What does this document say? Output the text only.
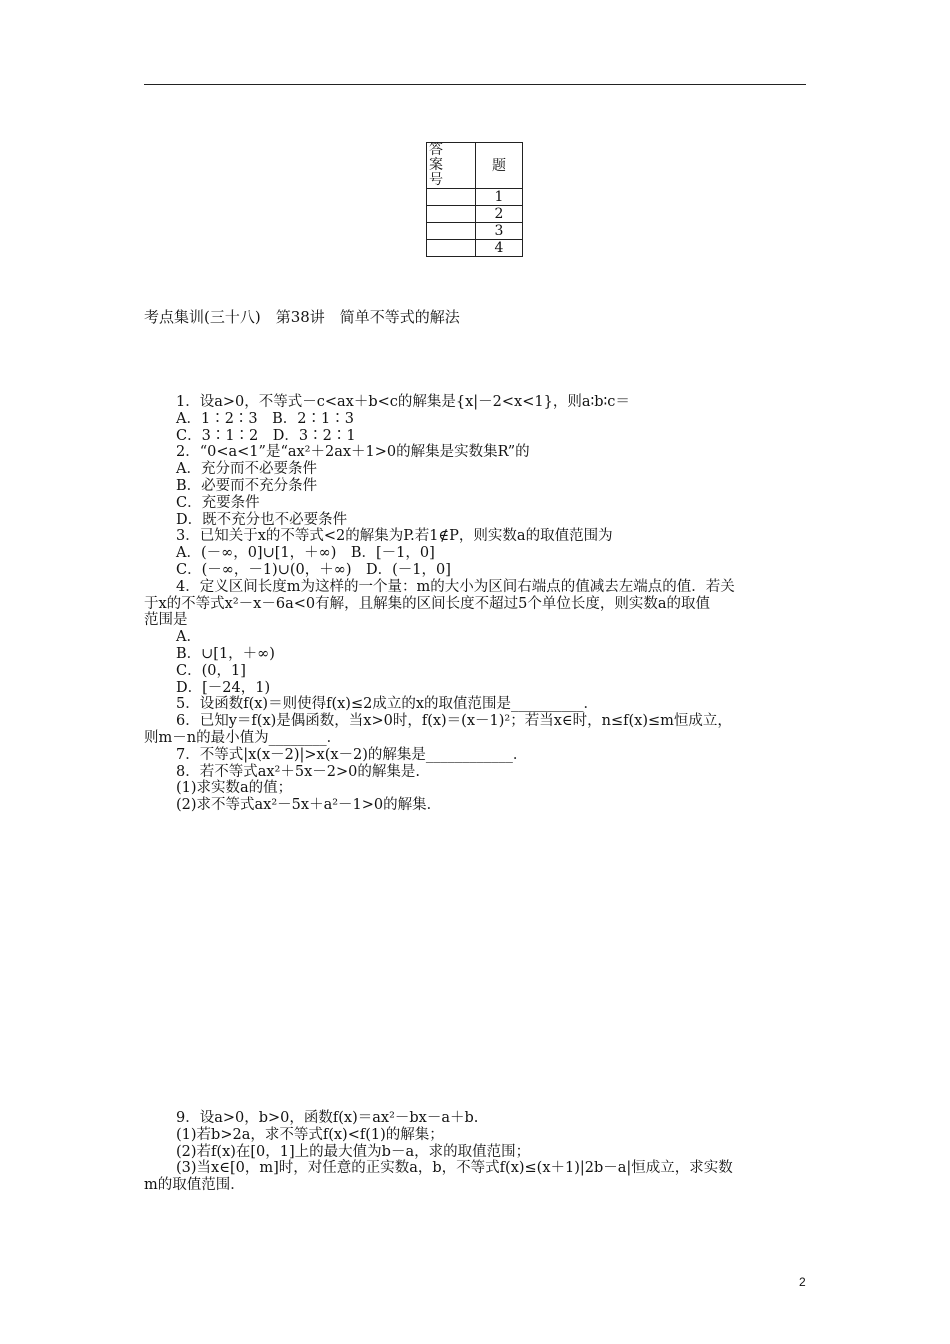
答
案
号	题
	1
	2
	3
	4
考点集训(三十八)　第38讲　简单不等式的解法
1．设a>0，不等式－c<ax＋b<c的解集是{x|－2<x<1}，则a∶b∶c＝
A．1∶2∶3　B．2∶1∶3
C．3∶1∶2　D．3∶2∶1
2．“0<a<1”是“ax²＋2ax＋1>0的解集是实数集R”的
A．充分而不必要条件
B．必要而不充分条件
C．充要条件
D．既不充分也不必要条件
3．已知关于x的不等式<2的解集为P.若1∉P，则实数a的取值范围为
A．(－∞，0]∪[1，＋∞)　B．[－1，0]
C．(－∞，－1)∪(0，＋∞)　D．(－1，0]
4．定义区间长度m为这样的一个量：m的大小为区间右端点的值减去左端点的值．若关
于x的不等式x²－x－6a<0有解，且解集的区间长度不超过5个单位长度，则实数a的取值
范围是
A．
B．∪[1，＋∞)
C．(0，1]
D．[－24，1)
5．设函数f(x)＝则使得f(x)≤2成立的x的取值范围是__________．
6．已知y＝f(x)是偶函数，当x>0时，f(x)＝(x－1)²；若当x∈时，n≤f(x)≤m恒成立，
则m－n的最小值为________．
7．不等式|x(x－2)|>x(x－2)的解集是____________．
8．若不等式ax²＋5x－2>0的解集是.
(1)求实数a的值；
(2)求不等式ax²－5x＋a²－1>0的解集．
9．设a>0，b>0，函数f(x)＝ax²－bx－a＋b.
(1)若b>2a，求不等式f(x)<f(1)的解集；
(2)若f(x)在[0，1]上的最大值为b－a，求的取值范围；
(3)当x∈[0，m]时，对任意的正实数a，b，不等式f(x)≤(x＋1)|2b－a|恒成立，求实数
m的取值范围．
2
